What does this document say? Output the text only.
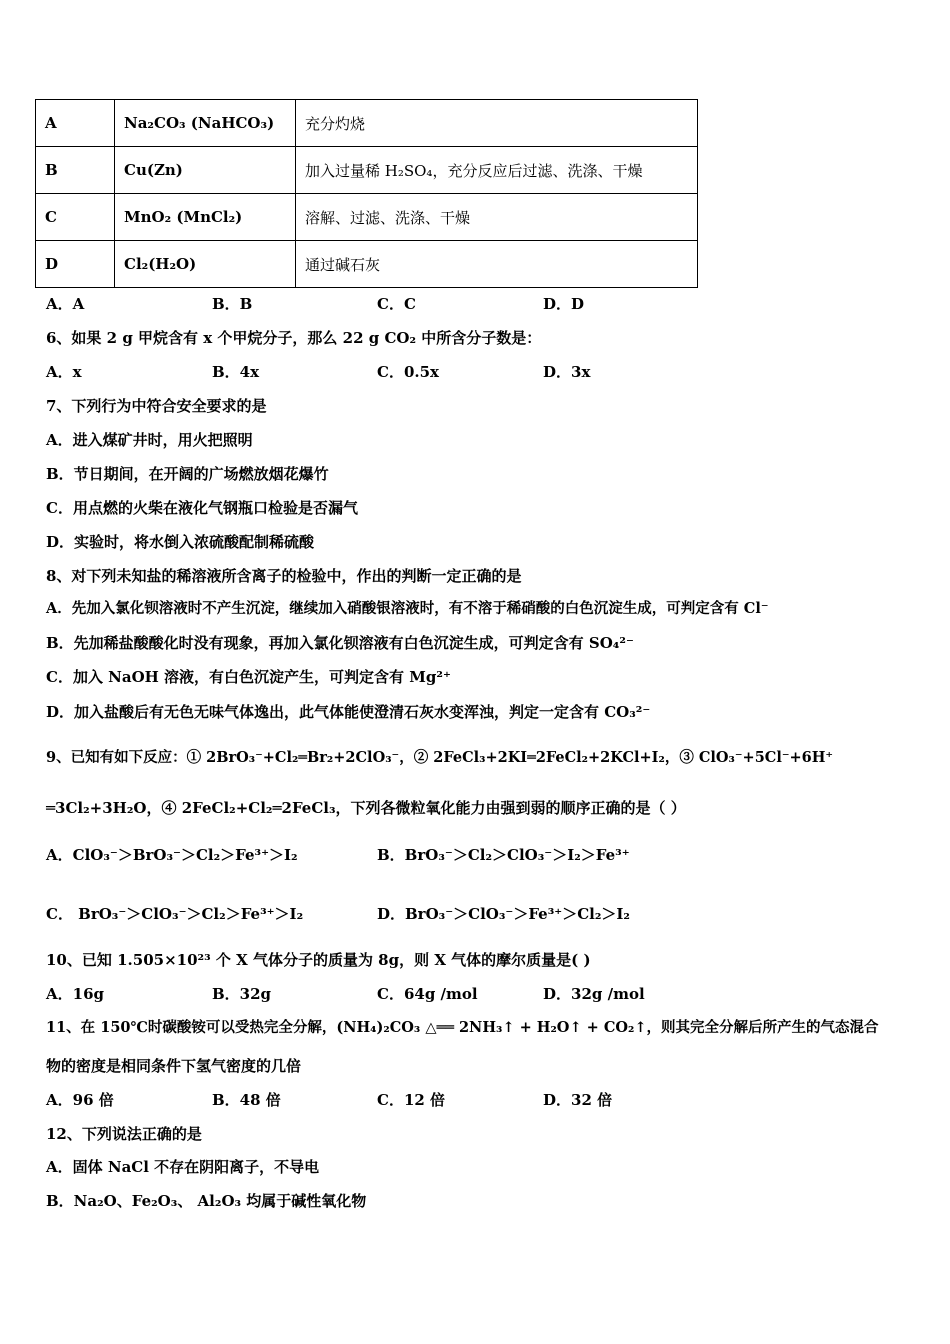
A	Na₂CO₃ (NaHCO₃)	充分灼烧
B	Cu(Zn)	加入过量稀 H₂SO₄，充分反应后过滤、洗涤、干燥
C	MnO₂ (MnCl₂)	溶解、过滤、洗涤、干燥
D	Cl₂(H₂O)	通过碱石灰
A．A	B．B	C．C	D．D
6、如果 2 g 甲烷含有 x 个甲烷分子，那么 22 g CO₂ 中所含分子数是：
A．x	B．4x	C．0.5x	D．3x
7、下列行为中符合安全要求的是
A．进入煤矿井时，用火把照明
B．节日期间，在开阔的广场燃放烟花爆竹
C．用点燃的火柴在液化气钢瓶口检验是否漏气
D．实验时，将水倒入浓硫酸配制稀硫酸
8、对下列未知盐的稀溶液所含离子的检验中，作出的判断一定正确的是
A．先加入氯化钡溶液时不产生沉淀，继续加入硝酸银溶液时，有不溶于稀硝酸的白色沉淀生成，可判定含有 Cl⁻
B．先加稀盐酸酸化时没有现象，再加入氯化钡溶液有白色沉淀生成，可判定含有 SO₄²⁻
C．加入 NaOH 溶液，有白色沉淀产生，可判定含有 Mg²⁺
D．加入盐酸后有无色无味气体逸出，此气体能使澄清石灰水变浑浊，判定一定含有 CO₃²⁻
9、已知有如下反应：① 2BrO₃⁻+Cl₂═Br₂+2ClO₃⁻，② 2FeCl₃+2KI═2FeCl₂+2KCl+I₂，③ ClO₃⁻+5Cl⁻+6H⁺
═3Cl₂+3H₂O，④ 2FeCl₂+Cl₂═2FeCl₃，下列各微粒氧化能力由强到弱的顺序正确的是（ ）
A．ClO₃⁻＞BrO₃⁻＞Cl₂＞Fe³⁺＞I₂	B．BrO₃⁻＞Cl₂＞ClO₃⁻＞I₂＞Fe³⁺
C． BrO₃⁻＞ClO₃⁻＞Cl₂＞Fe³⁺＞I₂	D．BrO₃⁻＞ClO₃⁻＞Fe³⁺＞Cl₂＞I₂
10、已知 1.505×10²³ 个 X 气体分子的质量为 8g，则 X 气体的摩尔质量是( )
A．16g	B．32g	C．64g /mol	D．32g /mol
11、在 150℃时碳酸铵可以受热完全分解，(NH₄)₂CO₃ △══ 2NH₃↑ + H₂O↑ + CO₂↑，则其完全分解后所产生的气态混合
物的密度是相同条件下氢气密度的几倍
A．96 倍	B．48 倍	C．12 倍	D．32 倍
12、下列说法正确的是
A．固体 NaCl 不存在阴阳离子，不导电
B．Na₂O、Fe₂O₃、 Al₂O₃ 均属于碱性氧化物
